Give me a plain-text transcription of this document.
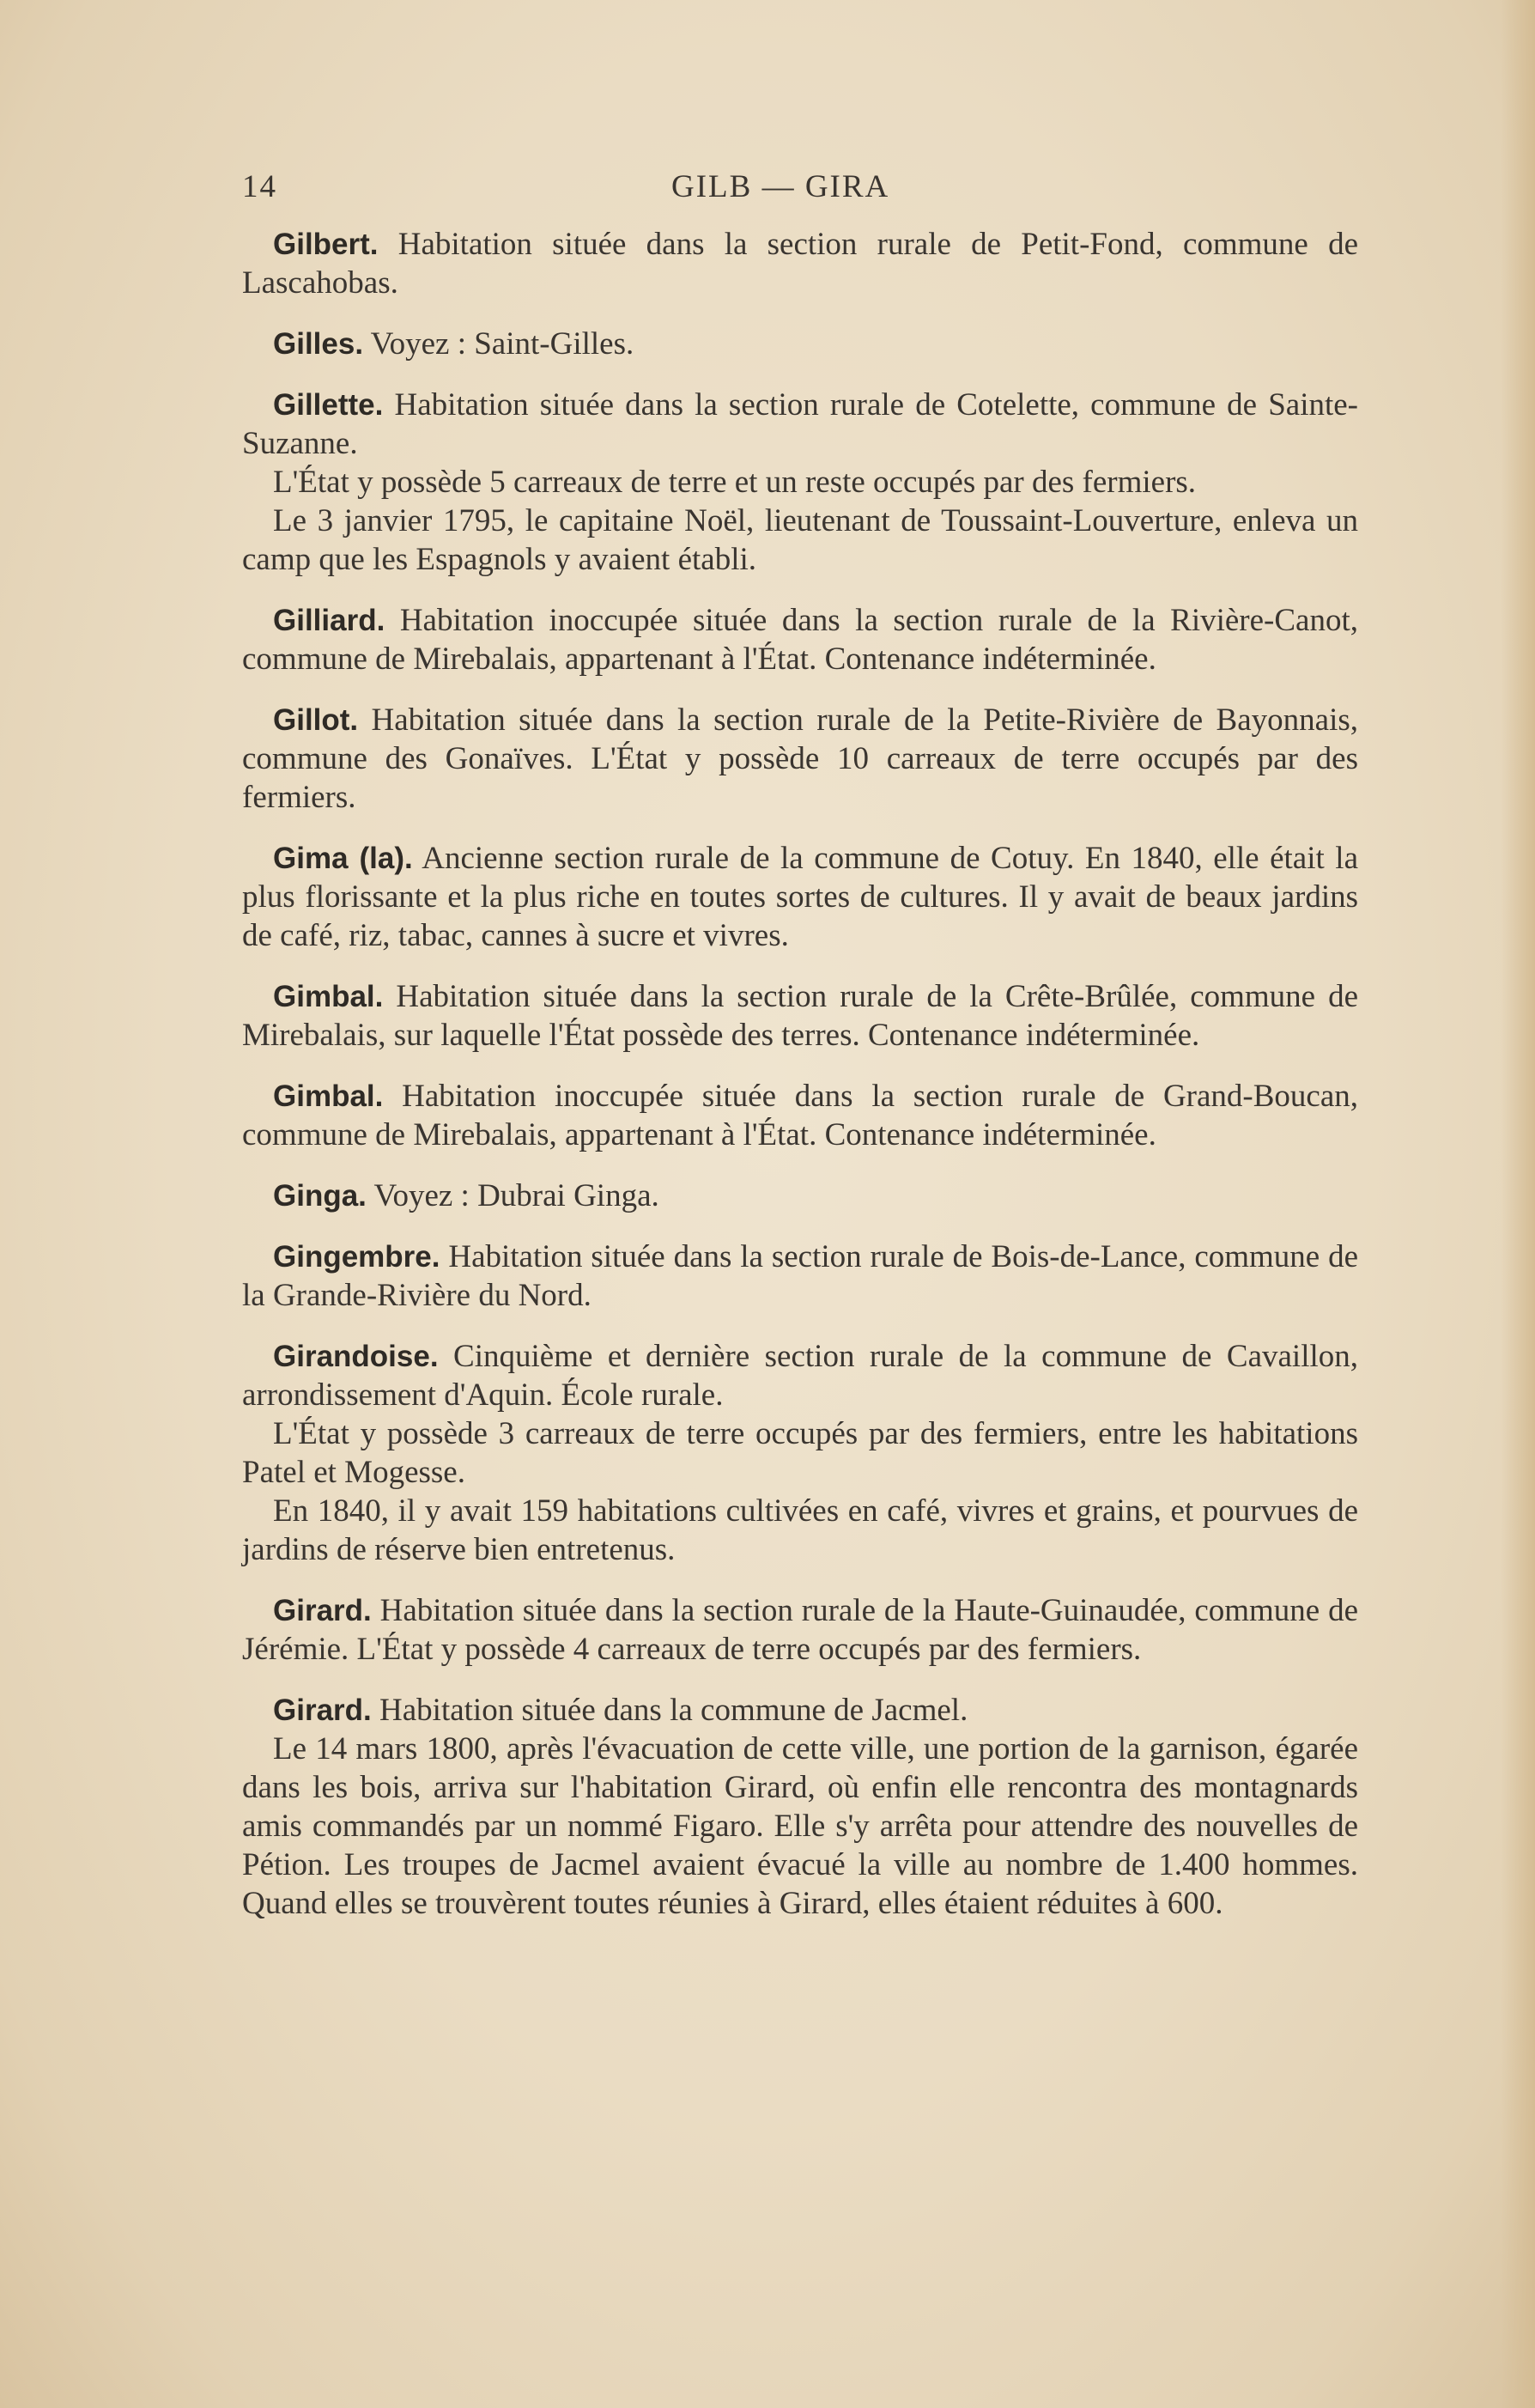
14	GILB — GIRA

Gilbert. Habitation située dans la section rurale de Petit-Fond, commune de Lascahobas.

Gilles. Voyez : Saint-Gilles.

Gillette. Habitation située dans la section rurale de Cotelette, commune de Sainte-Suzanne.

L'État y possède 5 carreaux de terre et un reste occupés par des fermiers.

Le 3 janvier 1795, le capitaine Noël, lieutenant de Toussaint-Louverture, enleva un camp que les Espagnols y avaient établi.

Gilliard. Habitation inoccupée située dans la section rurale de la Rivière-Canot, commune de Mirebalais, appartenant à l'État. Contenance indéterminée.

Gillot. Habitation située dans la section rurale de la Petite-Rivière de Bayonnais, commune des Gonaïves. L'État y possède 10 carreaux de terre occupés par des fermiers.

Gima (la). Ancienne section rurale de la commune de Cotuy. En 1840, elle était la plus florissante et la plus riche en toutes sortes de cultures. Il y avait de beaux jardins de café, riz, tabac, cannes à sucre et vivres.

Gimbal. Habitation située dans la section rurale de la Crête-Brûlée, commune de Mirebalais, sur laquelle l'État possède des terres. Contenance indéterminée.

Gimbal. Habitation inoccupée située dans la section rurale de Grand-Boucan, commune de Mirebalais, appartenant à l'État. Contenance indéterminée.

Ginga. Voyez : Dubrai Ginga.

Gingembre. Habitation située dans la section rurale de Bois-de-Lance, commune de la Grande-Rivière du Nord.

Girandoise. Cinquième et dernière section rurale de la commune de Cavaillon, arrondissement d'Aquin. École rurale.

L'État y possède 3 carreaux de terre occupés par des fermiers, entre les habitations Patel et Mogesse.

En 1840, il y avait 159 habitations cultivées en café, vivres et grains, et pourvues de jardins de réserve bien entretenus.

Girard. Habitation située dans la section rurale de la Haute-Guinaudée, commune de Jérémie. L'État y possède 4 carreaux de terre occupés par des fermiers.

Girard. Habitation située dans la commune de Jacmel.

Le 14 mars 1800, après l'évacuation de cette ville, une portion de la garnison, égarée dans les bois, arriva sur l'habitation Girard, où enfin elle rencontra des montagnards amis commandés par un nommé Figaro. Elle s'y arrêta pour attendre des nouvelles de Pétion. Les troupes de Jacmel avaient évacué la ville au nombre de 1.400 hommes. Quand elles se trouvèrent toutes réunies à Girard, elles étaient réduites à 600.
